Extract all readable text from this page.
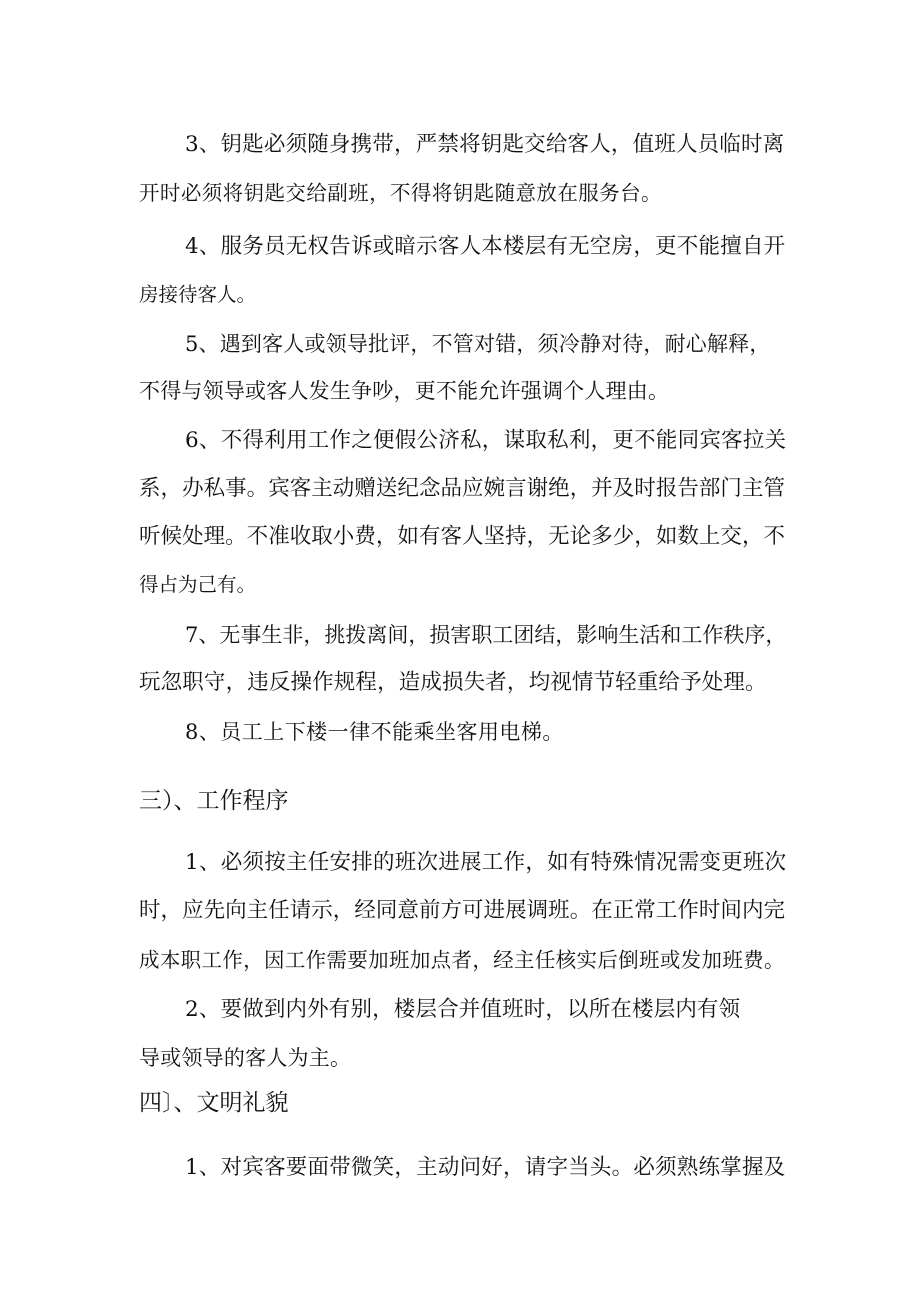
3、钥匙必须随身携带，严禁将钥匙交给客人，值班人员临时离
开时必须将钥匙交给副班，不得将钥匙随意放在服务台。
4、服务员无权告诉或暗示客人本楼层有无空房，更不能擅自开
房接待客人。
5、遇到客人或领导批评，不管对错，须冷静对待，耐心解释，
不得与领导或客人发生争吵，更不能允许强调个人理由。
6、不得利用工作之便假公济私，谋取私利，更不能同宾客拉关
系，办私事。宾客主动赠送纪念品应婉言谢绝，并及时报告部门主管
听候处理。不准收取小费，如有客人坚持，无论多少，如数上交，不
得占为己有。
7、无事生非，挑拨离间，损害职工团结，影响生活和工作秩序，
玩忽职守，违反操作规程，造成损失者，均视情节轻重给予处理。
8、员工上下楼一律不能乘坐客用电梯。
三）、工作程序
1、必须按主任安排的班次进展工作，如有特殊情况需变更班次
时，应先向主任请示，经同意前方可进展调班。在正常工作时间内完
成本职工作，因工作需要加班加点者，经主任核实后倒班或发加班费。
2、要做到内外有别，楼层合并值班时，以所在楼层内有领
导或领导的客人为主。
四〕、文明礼貌
1、对宾客要面带微笑，主动问好，请字当头。必须熟练掌握及
